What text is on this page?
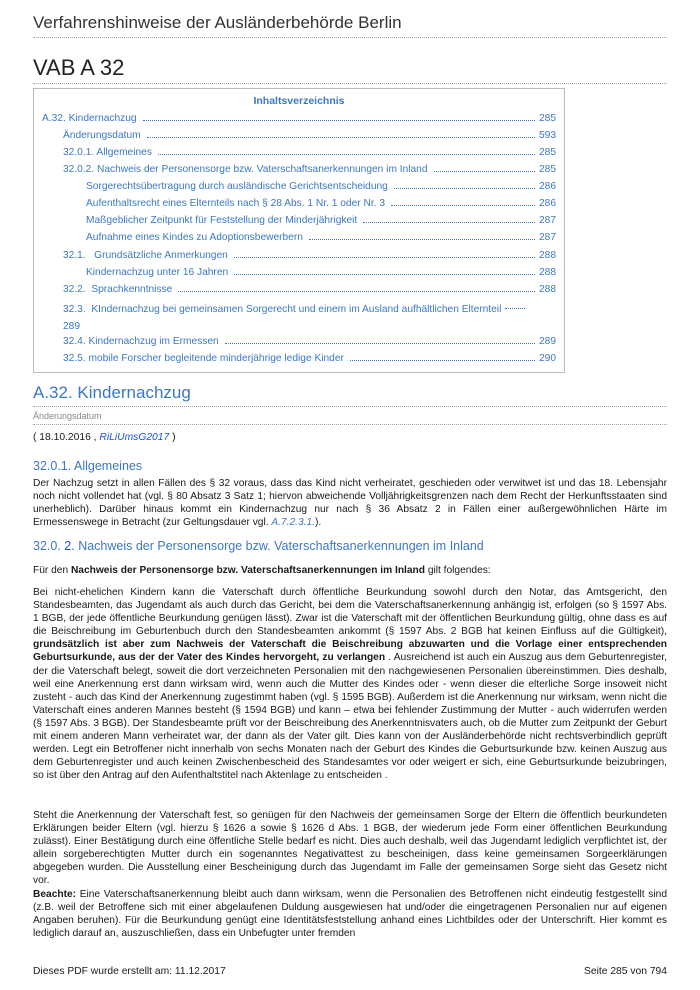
Verfahrenshinweise der Ausländerbehörde Berlin
VAB A 32
Inhaltsverzeichnis
A.32. Kindernachzug	285
Änderungsdatum	593
32.0.1. Allgemeines	285
32.0.2. Nachweis der Personensorge bzw. Vaterschaftsanerkennungen im Inland	285
Sorgerechtsübertragung durch ausländische Gerichtsentscheidung	286
Aufenthaltsrecht eines Elternteils nach § 28 Abs. 1 Nr. 1 oder Nr. 3	286
Maßgeblicher Zeitpunkt für Feststellung der Minderjährigkeit	287
Aufnahme eines Kindes zu Adoptionsbewerbern	287
32.1.   Grundsätzliche Anmerkungen	288
Kindernachzug unter 16 Jahren	288
32.2.  Sprachkenntnisse	288
32.3.  KIndernachzug bei gemeinsamen Sorgerecht und einem im Ausland aufhältlichen Elternteil
289
32.4. Kindernachzug im Ermessen	289
32.5. mobile Forscher begleitende minderjährige ledige Kinder	290
A.32. Kindernachzug
Änderungsdatum
( 18.10.2016 , RiLiUmsG2017 )
32.0.1. Allgemeines
Der Nachzug setzt in allen Fällen des § 32 voraus, dass das Kind nicht verheiratet, geschieden oder verwitwet ist und das 18. Lebensjahr noch nicht vollendet hat (vgl. § 80 Absatz 3 Satz 1; hiervon abweichende Volljährigkeitsgrenzen nach dem Recht der Herkunftsstaaten sind unerheblich). Darüber hinaus kommt ein Kindernachzug nur nach § 36 Absatz 2 in Fällen einer außergewöhnlichen Härte im Ermessenswege in Betracht (zur Geltungsdauer vgl. A.7.2.3.1.).
32.0. 2. Nachweis der Personensorge bzw. Vaterschaftsanerkennungen im Inland
Für den Nachweis der Personensorge bzw. Vaterschaftsanerkennungen im Inland gilt folgendes:
Bei nicht-ehelichen Kindern kann die Vaterschaft durch öffentliche Beurkundung sowohl durch den Notar, das Amtsgericht, den Standesbeamten, das Jugendamt als auch durch das Gericht, bei dem die Vaterschaftsanerkennung anhängig ist, erfolgen (so § 1597 Abs. 1 BGB, der jede öffentliche Beurkundung genügen lässt). Zwar ist die Vaterschaft mit der öffentlichen Beurkundung gültig, ohne dass es auf die Beischreibung im Geburtenbuch durch den Standesbeamten ankommt (§ 1597 Abs. 2 BGB hat keinen Einfluss auf die Gültigkeit), grundsätzlich ist aber zum Nachweis der Vaterschaft die Beischreibung abzuwarten und die Vorlage einer entsprechenden Geburtsurkunde, aus der der Vater des Kindes hervorgeht, zu verlangen . Ausreichend ist auch ein Auszug aus dem Geburtenregister, der die Vaterschaft belegt, soweit die dort verzeichneten Personalien mit den nachgewiesenen Personalien übereinstimmen. Dies deshalb, weil eine Anerkennung erst dann wirksam wird, wenn auch die Mutter des Kindes oder - wenn dieser die elterliche Sorge insoweit nicht zusteht - auch das Kind der Anerkennung zugestimmt haben (vgl. § 1595 BGB). Außerdem ist die Anerkennung nur wirksam, wenn nicht die Vaterschaft eines anderen Mannes besteht (§ 1594 BGB) und kann – etwa bei fehlender Zustimmung der Mutter - auch widerrufen werden (§ 1597 Abs. 3 BGB). Der Standesbeamte prüft vor der Beischreibung des Anerkenntnisvaters auch, ob die Mutter zum Zeitpunkt der Geburt mit einem anderen Mann verheiratet war, der dann als der Vater gilt. Dies kann von der Ausländerbehörde nicht rechtsverbindlich geprüft werden. Legt ein Betroffener nicht innerhalb von sechs Monaten nach der Geburt des Kindes die Geburtsurkunde bzw. keinen Auszug aus dem Geburtenregister und auch keinen Zwischenbescheid des Standesamtes vor oder weigert er sich, eine Geburtsurkunde beizubringen, so ist über den Antrag auf den Aufenthaltstitel nach Aktenlage zu entscheiden .
Steht die Anerkennung der Vaterschaft fest, so genügen für den Nachweis der gemeinsamen Sorge der Eltern die öffentlich beurkundeten Erklärungen beider Eltern (vgl. hierzu § 1626 a sowie § 1626 d Abs. 1 BGB, der wiederum jede Form einer öffentlichen Beurkundung zulässt). Einer Bestätigung durch eine öffentliche Stelle bedarf es nicht. Dies auch deshalb, weil das Jugendamt lediglich verpflichtet ist, der allein sorgeberechtigten Mutter durch ein sogenanntes Negativattest zu bescheinigen, dass keine gemeinsamen Sorgeerklärungen abgegeben wurden. Die Ausstellung einer Bescheinigung durch das Jugendamt im Falle der gemeinsamen Sorge sieht das Gesetz nicht vor.
Beachte: Eine Vaterschaftsanerkennung bleibt auch dann wirksam, wenn die Personalien des Betroffenen nicht eindeutig festgestellt sind (z.B. weil der Betroffene sich mit einer abgelaufenen Duldung ausgewiesen hat und/oder die eingetragenen Personalien nur auf eigenen Angaben beruhen). Für die Beurkundung genügt eine Identitätsfeststellung anhand eines Lichtbildes oder der Unterschrift. Hier kommt es lediglich darauf an, auszuschließen, dass ein Unbefugter unter fremden
Dieses PDF wurde erstellt am: 11.12.2017	Seite 285 von 794
